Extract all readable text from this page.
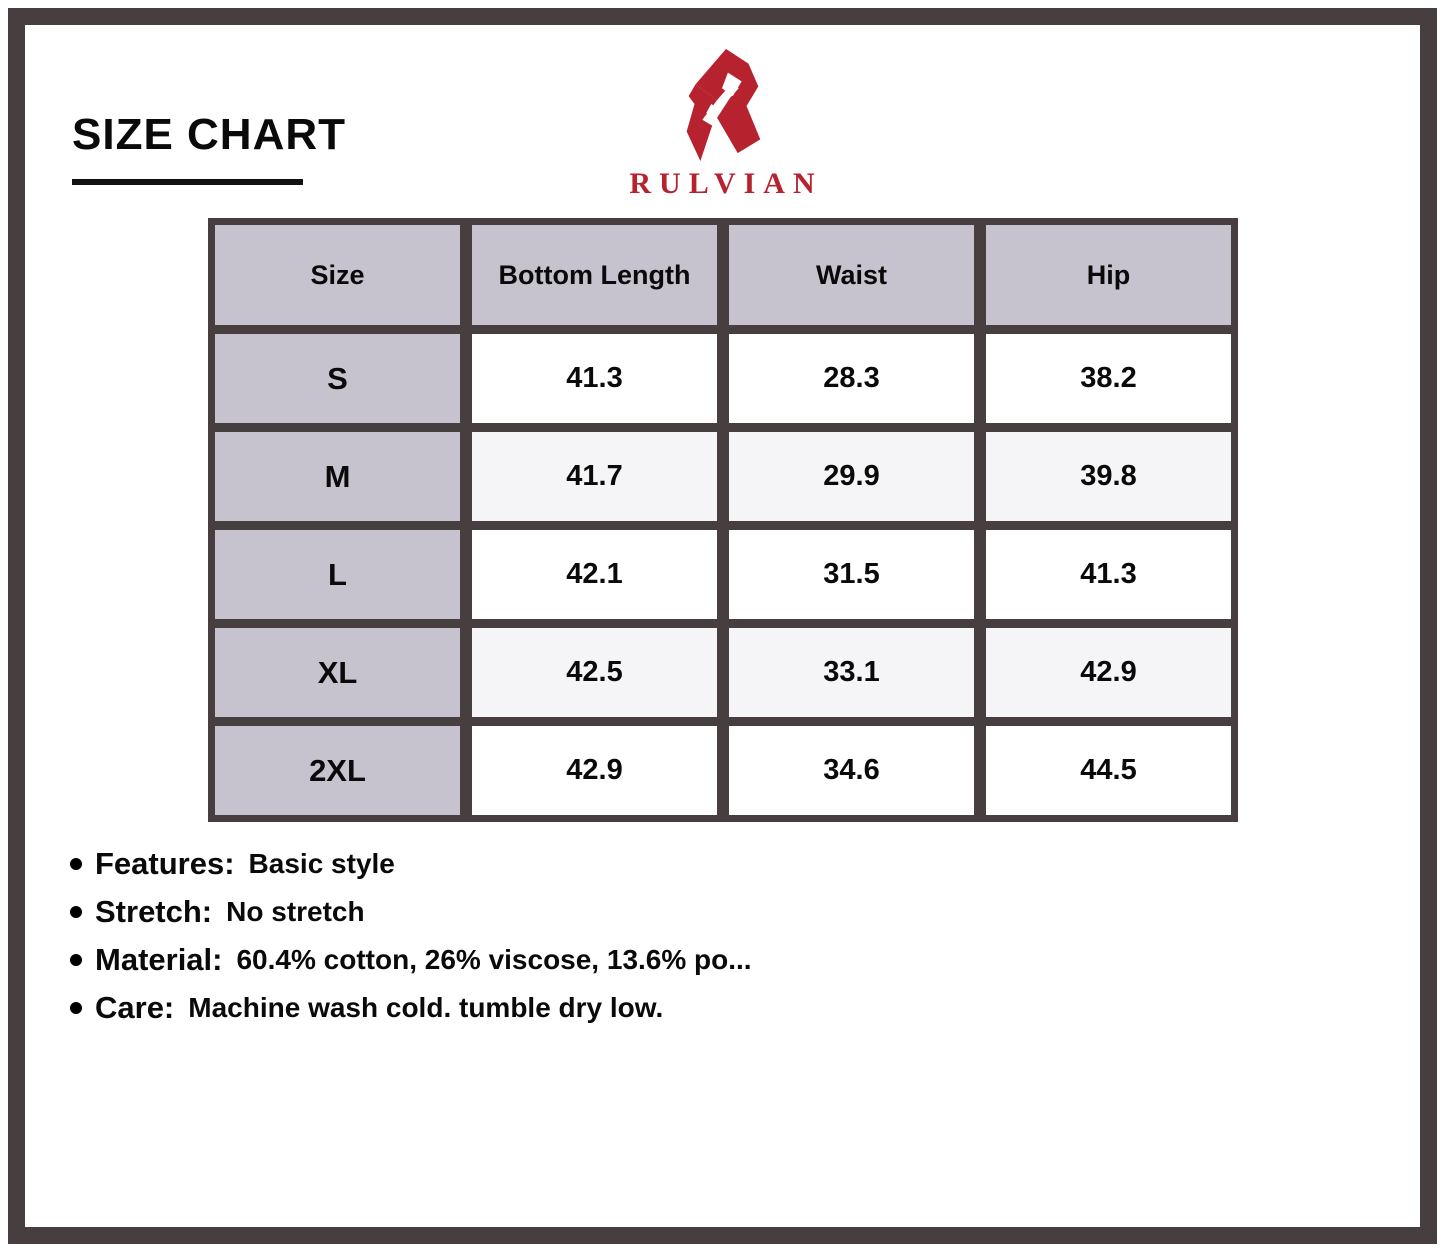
SIZE CHART
RULVIAN
Size	Bottom Length	Waist	Hip
S	41.3	28.3	38.2
M	41.7	29.9	39.8
L	42.1	31.5	41.3
XL	42.5	33.1	42.9
2XL	42.9	34.6	44.5
Features: Basic style
Stretch: No stretch
Material: 60.4% cotton, 26% viscose, 13.6% po...
Care: Machine wash cold. tumble dry low.
